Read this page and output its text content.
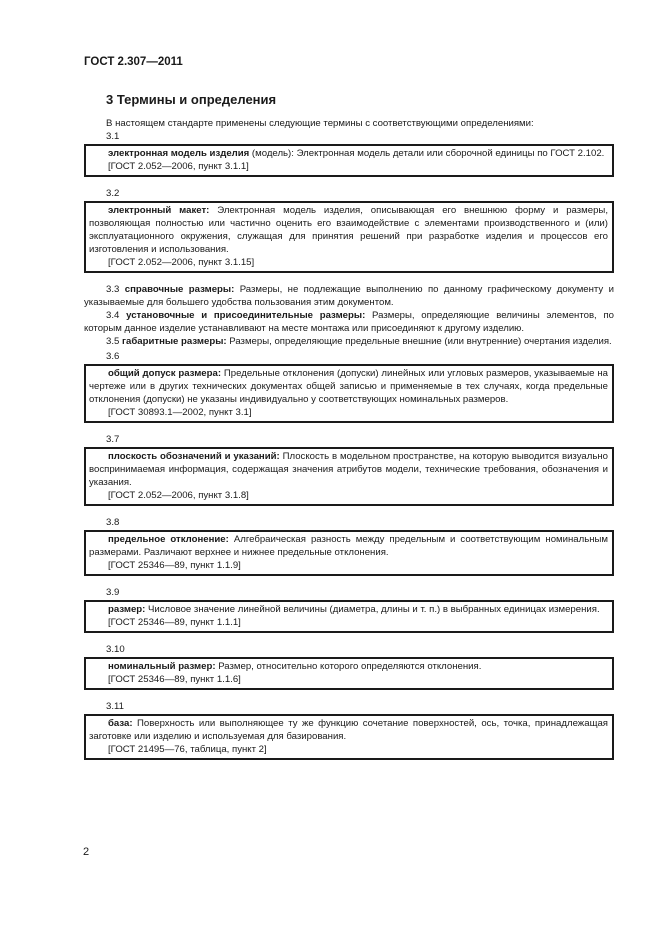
ГОСТ 2.307—2011
3 Термины и определения

В настоящем стандарте применены следующие термины с соответствующими определениями:

3.1

электронная модель изделия (модель): Электронная модель детали или сборочной единицы по ГОСТ 2.102.

[ГОСТ 2.052—2006, пункт 3.1.1]
3.2

электронный макет: Электронная модель изделия, описывающая его внешнюю форму и размеры, позволяющая полностью или частично оценить его взаимодействие с элементами производственного и (или) эксплуатационного окружения, служащая для принятия решений при разработке изделия и процессов его изготовления и использования.

[ГОСТ 2.052—2006, пункт 3.1.15]

3.3 справочные размеры: Размеры, не подлежащие выполнению по данному графическому документу и указываемые для большего удобства пользования этим документом.

3.4 установочные и присоединительные размеры: Размеры, определяющие величины элементов, по которым данное изделие устанавливают на месте монтажа или присоединяют к другому изделию.

3.5 габаритные размеры: Размеры, определяющие предельные внешние (или внутренние) очертания изделия.

3.6

общий допуск размера: Предельные отклонения (допуски) линейных или угловых размеров, указываемые на чертеже или в других технических документах общей записью и применяемые в тех случаях, когда предельные отклонения (допуски) не указаны индивидуально у соответствующих номинальных размеров.

[ГОСТ 30893.1—2002, пункт 3.1]
3.7

плоскость обозначений и указаний: Плоскость в модельном пространстве, на которую выводится визуально воспринимаемая информация, содержащая значения атрибутов модели, технические требования, обозначения и указания.

[ГОСТ 2.052—2006, пункт 3.1.8]
3.8

предельное отклонение: Алгебраическая разность между предельным и соответствующим номинальным размерами. Различают верхнее и нижнее предельные отклонения.

[ГОСТ 25346—89, пункт 1.1.9]
3.9

размер: Числовое значение линейной величины (диаметра, длины и т. п.) в выбранных единицах измерения.

[ГОСТ 25346—89, пункт 1.1.1]
3.10

номинальный размер: Размер, относительно которого определяются отклонения.

[ГОСТ 25346—89, пункт 1.1.6]
3.11

база: Поверхность или выполняющее ту же функцию сочетание поверхностей, ось, точка, принадлежащая заготовке или изделию и используемая для базирования.

[ГОСТ 21495—76, таблица, пункт 2]
2
